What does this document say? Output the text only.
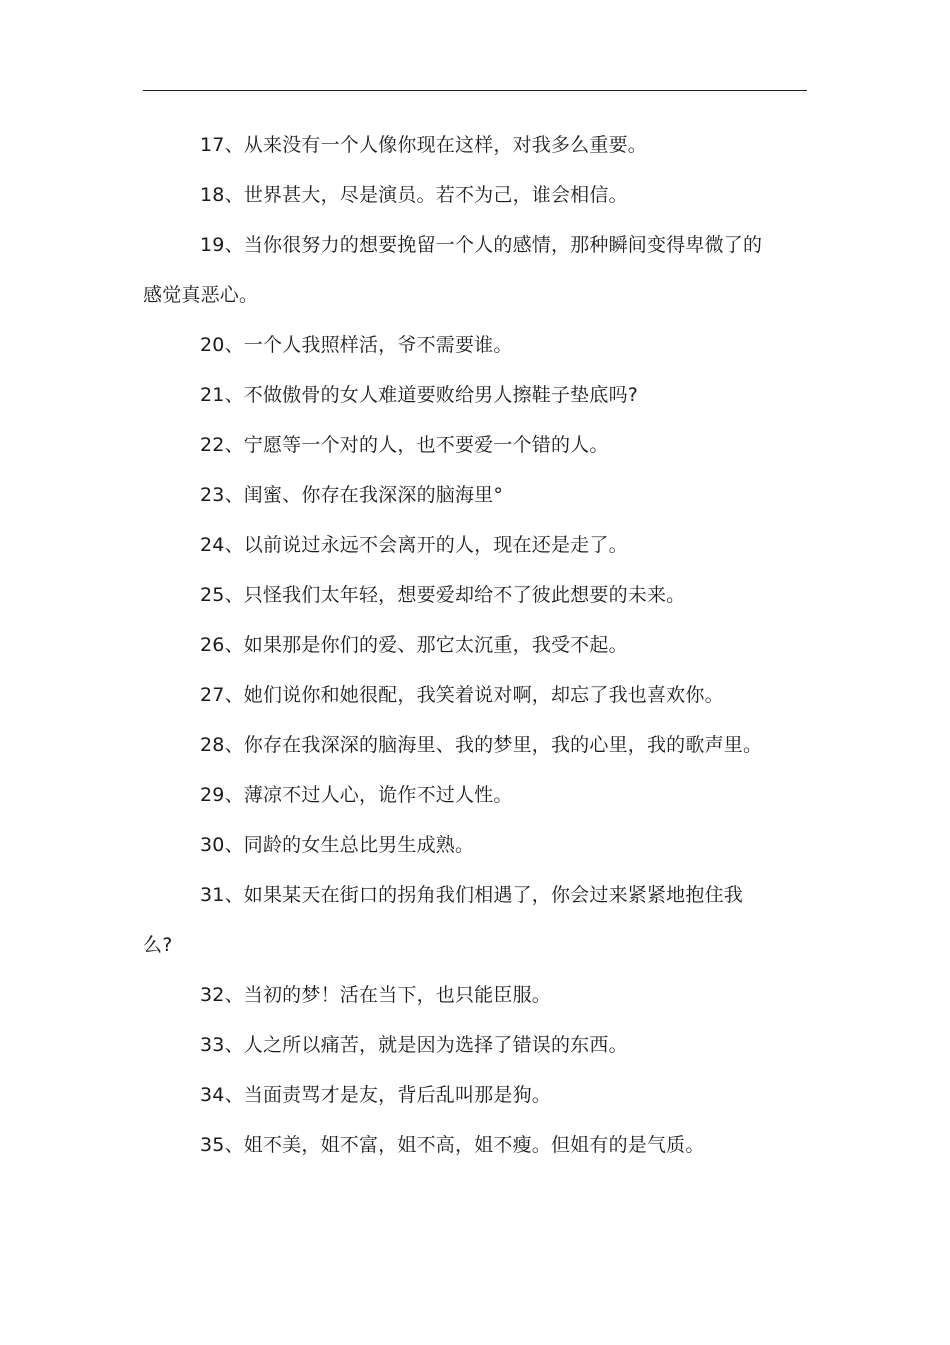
17、从来没有一个人像你现在这样，对我多么重要。

18、世界甚大，尽是演员。若不为己，谁会相信。

19、当你很努力的想要挽留一个人的感情，那种瞬间变得卑微了的感觉真恶心。

20、一个人我照样活，爷不需要谁。

21、不做傲骨的女人难道要败给男人擦鞋子垫底吗?

22、宁愿等一个对的人，也不要爱一个错的人。

23、闺蜜、你存在我深深的脑海里°

24、以前说过永远不会离开的人，现在还是走了。

25、只怪我们太年轻，想要爱却给不了彼此想要的未来。

26、如果那是你们的爱、那它太沉重，我受不起。

27、她们说你和她很配，我笑着说对啊，却忘了我也喜欢你。

28、你存在我深深的脑海里、我的梦里，我的心里，我的歌声里。

29、薄凉不过人心，诡作不过人性。

30、同龄的女生总比男生成熟。

31、如果某天在街口的拐角我们相遇了，你会过来紧紧地抱住我么?

32、当初的梦！活在当下，也只能臣服。

33、人之所以痛苦，就是因为选择了错误的东西。

34、当面责骂才是友，背后乱叫那是狗。

35、姐不美，姐不富，姐不高，姐不瘦。但姐有的是气质。
